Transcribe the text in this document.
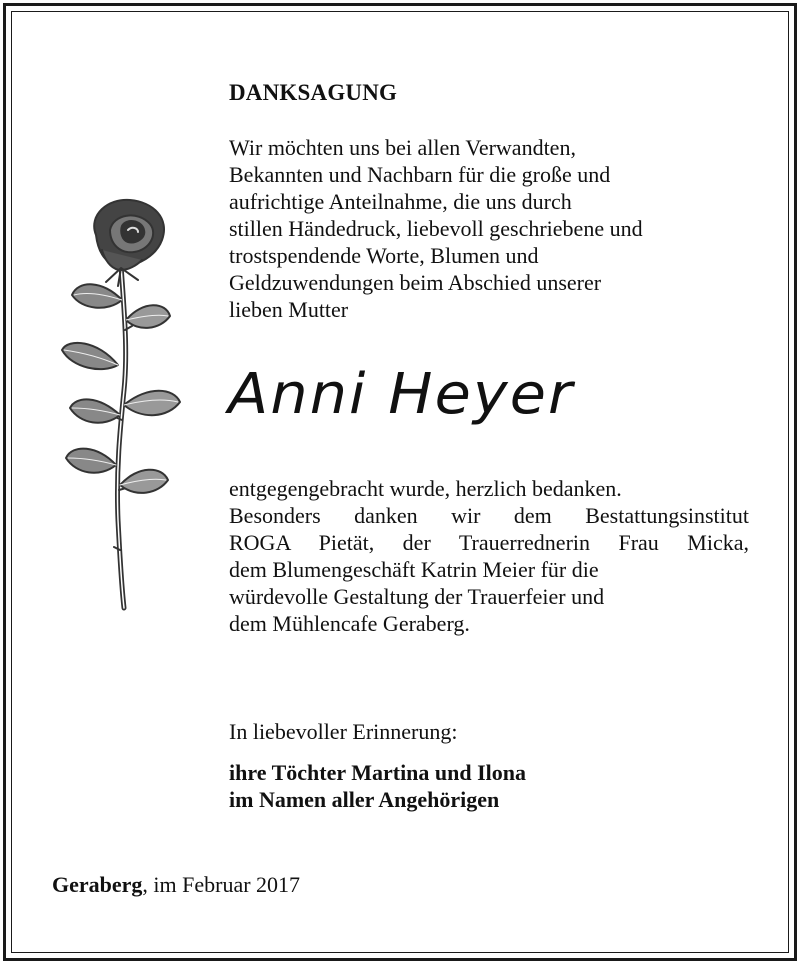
DANKSAGUNG
Wir möchten uns bei allen Verwandten,
Bekannten und Nachbarn für die große und
aufrichtige Anteilnahme, die uns durch
stillen Händedruck, liebevoll geschriebene und
trostspendende Worte, Blumen und
Geldzuwendungen beim Abschied unserer
lieben Mutter
Anni Heyer
entgegengebracht wurde, herzlich bedanken.
Besonders danken wir dem Bestattungsinstitut
ROGA Pietät, der Trauerrednerin Frau Micka,
dem Blumengeschäft Katrin Meier für die
würdevolle Gestaltung der Trauerfeier und
dem Mühlencafe Geraberg.
In liebevoller Erinnerung:
ihre Töchter Martina und Ilona
im Namen aller Angehörigen
Geraberg, im Februar 2017
